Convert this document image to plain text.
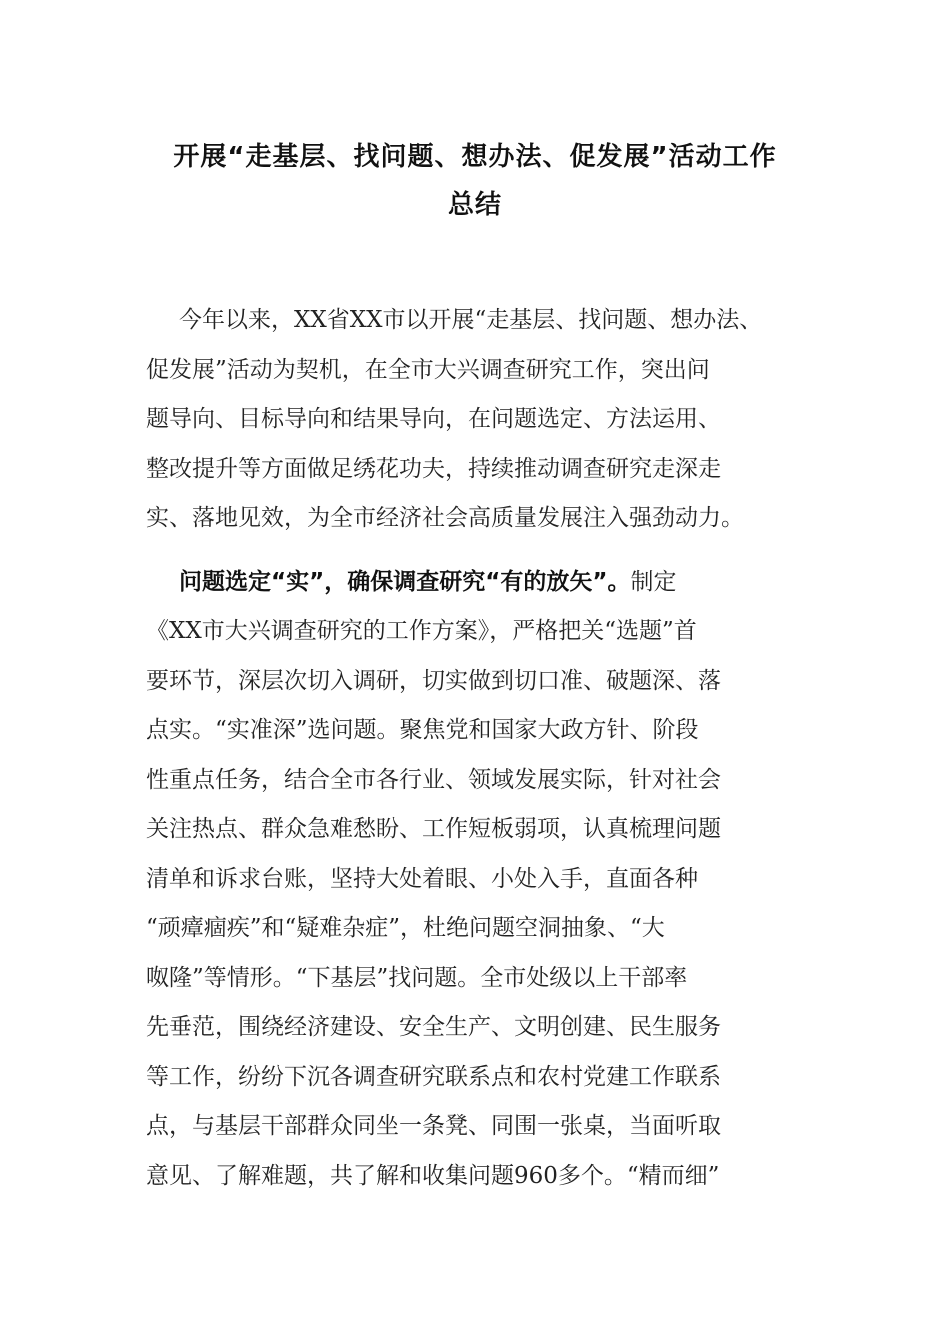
开展“走基层、找问题、想办法、促发展”活动工作
总结
今年以来，XX省XX市以开展“走基层、找问题、想办法、
促发展”活动为契机，在全市大兴调查研究工作，突出问
题导向、目标导向和结果导向，在问题选定、方法运用、
整改提升等方面做足绣花功夫，持续推动调查研究走深走
实、落地见效，为全市经济社会高质量发展注入强劲动力。
问题选定“实”，确保调查研究“有的放矢”。制定
《XX市大兴调查研究的工作方案》，严格把关“选题”首
要环节，深层次切入调研，切实做到切口准、破题深、落
点实。“实准深”选问题。聚焦党和国家大政方针、阶段
性重点任务，结合全市各行业、领域发展实际，针对社会
关注热点、群众急难愁盼、工作短板弱项，认真梳理问题
清单和诉求台账，坚持大处着眼、小处入手，直面各种
“顽瘴痼疾”和“疑难杂症”，杜绝问题空洞抽象、“大
呶隆”等情形。“下基层”找问题。全市处级以上干部率
先垂范，围绕经济建设、安全生产、文明创建、民生服务
等工作，纷纷下沉各调查研究联系点和农村党建工作联系
点，与基层干部群众同坐一条凳、同围一张桌，当面听取
意见、了解难题，共了解和收集问题960多个。“精而细”
